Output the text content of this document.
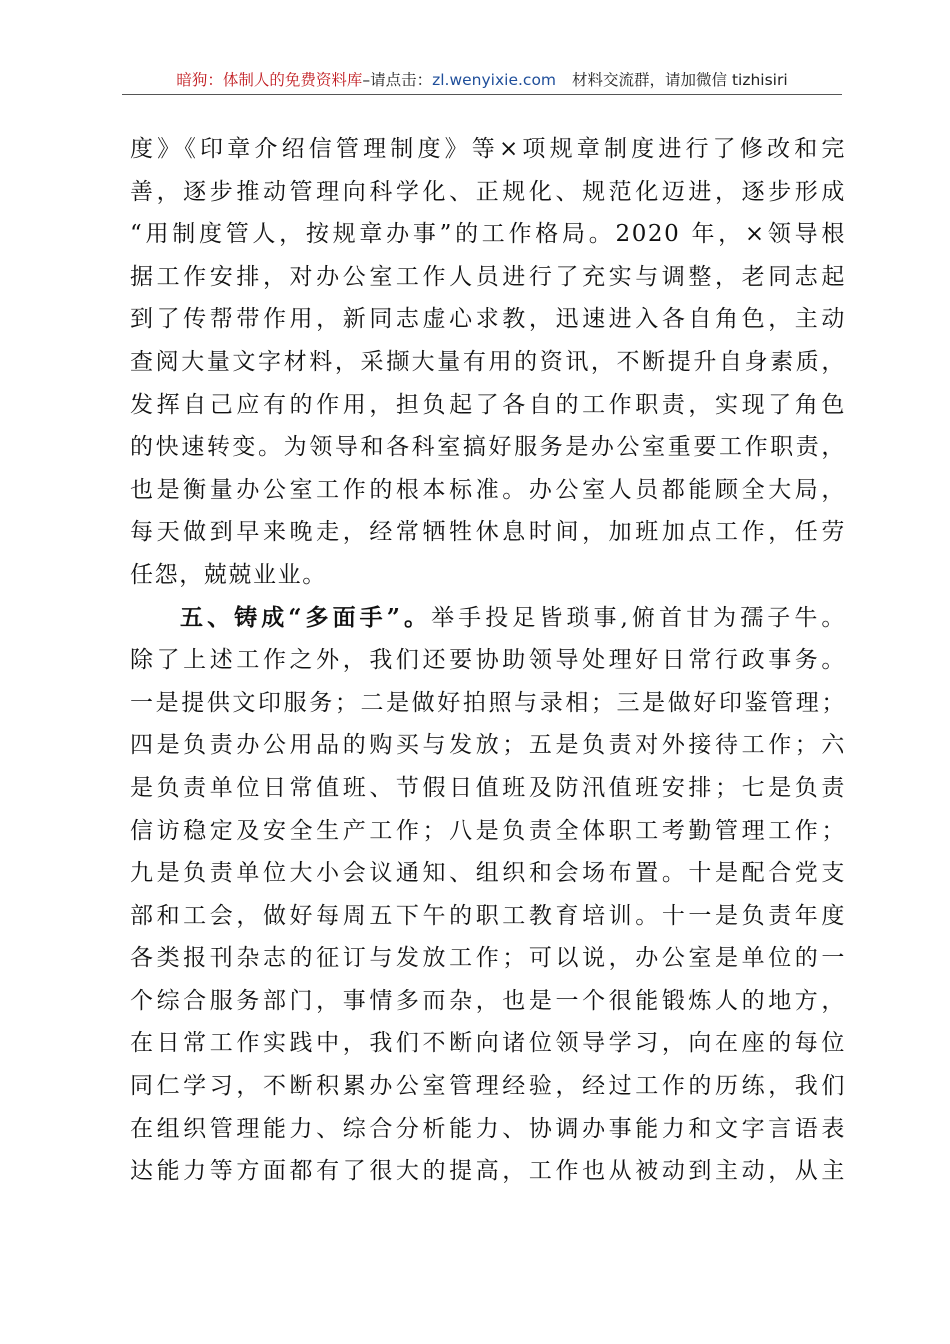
暗狗：体制人的免费资料库–请点击：zl.wenyixie.com 材料交流群，请加微信 tizhisiri
度》《印章介绍信管理制度》等×项规章制度进行了修改和完
善，逐步推动管理向科学化、正规化、规范化迈进，逐步形成
“用制度管人，按规章办事”的工作格局。2020 年，×领导根
据工作安排，对办公室工作人员进行了充实与调整，老同志起
到了传帮带作用，新同志虚心求教，迅速进入各自角色，主动
查阅大量文字材料，采撷大量有用的资讯，不断提升自身素质，
发挥自己应有的作用，担负起了各自的工作职责，实现了角色
的快速转变。为领导和各科室搞好服务是办公室重要工作职责，
也是衡量办公室工作的根本标准。办公室人员都能顾全大局，
每天做到早来晚走，经常牺牲休息时间，加班加点工作，任劳
任怨，兢兢业业。
五、铸成“多面手”。举手投足皆琐事,俯首甘为孺子牛。
除了上述工作之外，我们还要协助领导处理好日常行政事务。
一是提供文印服务；二是做好拍照与录相；三是做好印鉴管理；
四是负责办公用品的购买与发放；五是负责对外接待工作；六
是负责单位日常值班、节假日值班及防汛值班安排；七是负责
信访稳定及安全生产工作；八是负责全体职工考勤管理工作；
九是负责单位大小会议通知、组织和会场布置。十是配合党支
部和工会，做好每周五下午的职工教育培训。十一是负责年度
各类报刊杂志的征订与发放工作；可以说，办公室是单位的一
个综合服务部门，事情多而杂，也是一个很能锻炼人的地方，
在日常工作实践中，我们不断向诸位领导学习，向在座的每位
同仁学习，不断积累办公室管理经验，经过工作的历练，我们
在组织管理能力、综合分析能力、协调办事能力和文字言语表
达能力等方面都有了很大的提高，工作也从被动到主动，从主
